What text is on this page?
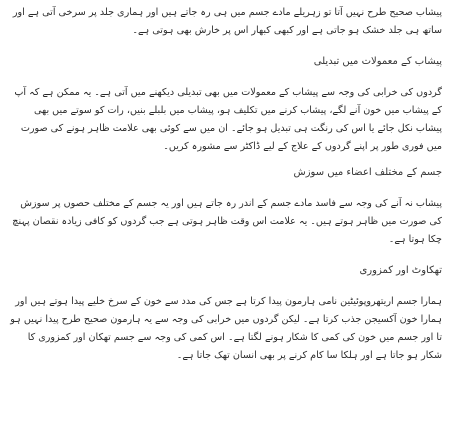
پیشاب صحیح طرح نہیں آتا تو زہریلے مادے جسم میں ہی رہ جاتے ہیں اور ہماری جلد پر سرخی آتی ہے اور ساتھ ہی جلد خشک ہو جاتی ہے اور کبھی کبھار اس پر خارش بھی ہوتی ہے۔

پیشاب کے معمولات میں تبدیلی

گردوں کی خرابی کی وجہ سے پیشاب کے معمولات میں بھی تبدیلی دیکھنے میں آتی ہے۔ یہ ممکن ہے کہ آپ کے پیشاب میں خون آنے لگے، پیشاب کرنے میں تکلیف ہو، پیشاب میں بلبلے بنیں، رات کو سوتے میں بھی پیشاب نکل جائے یا اس کی رنگت ہی تبدیل ہو جائے۔ ان میں سے کوئی بھی علامت ظاہر ہونے کی صورت میں فوری طور پر اپنے گردوں کے علاج کے لیے ڈاکٹر سے مشورہ کریں۔

جسم کے مختلف اعضاء میں سوزش

پیشاب نہ آنے کی وجہ سے فاسد مادے جسم کے اندر رہ جاتے ہیں اور یہ جسم کے مختلف حصوں پر سوزش کی صورت میں ظاہر ہوتے ہیں۔ یہ علامت اس وقت ظاہر ہوتی ہے جب گردوں کو کافی زیادہ نقصان پہنچ چکا ہوتا ہے۔

تھکاوٹ اور کمزوری

ہمارا جسم اریتھروپوئیٹین نامی ہارمون پیدا کرتا ہے جس کی مدد سے خون کے سرخ خلیے پیدا ہوتے ہیں اور ہمارا خون آکسیجن جذب کرتا ہے۔ لیکن گردوں میں خرابی کی وجہ سے یہ ہارمون صحیح طرح پیدا نہیں ہو تا اور جسم میں خون کی کمی کا شکار ہونے لگتا ہے۔ اس کمی کی وجہ سے جسم تھکان اور کمزوری کا شکار ہو جاتا ہے اور ہلکا سا کام کرنے پر بھی انسان تھک جاتا ہے۔
